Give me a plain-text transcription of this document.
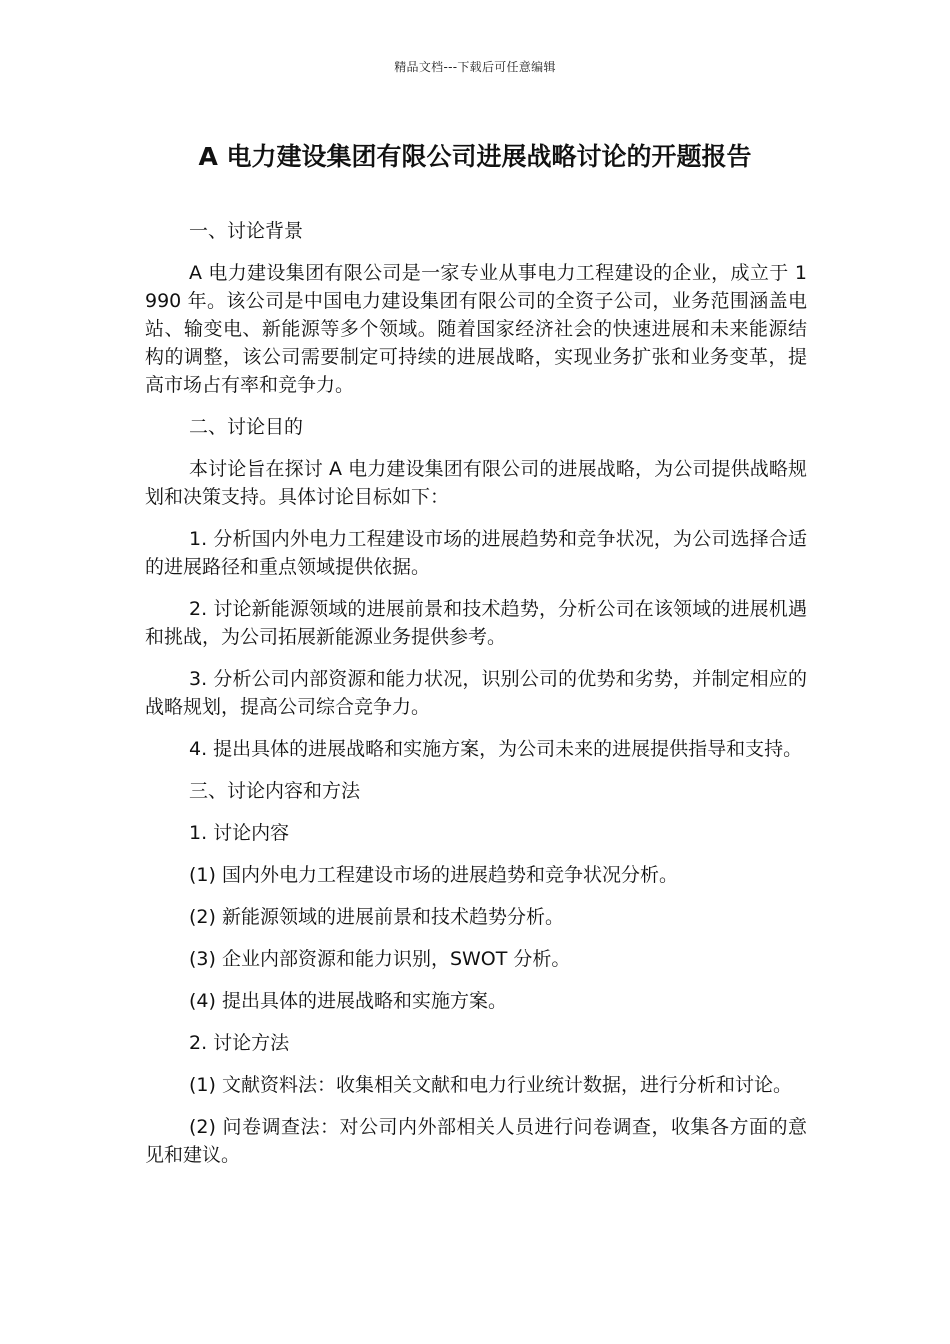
精品文档---下载后可任意编辑
A 电力建设集团有限公司进展战略讨论的开题报告

一、讨论背景

A 电力建设集团有限公司是一家专业从事电力工程建设的企业，成立于 1990 年。该公司是中国电力建设集团有限公司的全资子公司，业务范围涵盖电站、输变电、新能源等多个领域。随着国家经济社会的快速进展和未来能源结构的调整，该公司需要制定可持续的进展战略，实现业务扩张和业务变革，提高市场占有率和竞争力。

二、讨论目的

本讨论旨在探讨 A 电力建设集团有限公司的进展战略，为公司提供战略规划和决策支持。具体讨论目标如下：

1. 分析国内外电力工程建设市场的进展趋势和竞争状况，为公司选择合适的进展路径和重点领域提供依据。

2. 讨论新能源领域的进展前景和技术趋势，分析公司在该领域的进展机遇和挑战，为公司拓展新能源业务提供参考。

3. 分析公司内部资源和能力状况，识别公司的优势和劣势，并制定相应的战略规划，提高公司综合竞争力。

4. 提出具体的进展战略和实施方案，为公司未来的进展提供指导和支持。

三、讨论内容和方法

1. 讨论内容

(1) 国内外电力工程建设市场的进展趋势和竞争状况分析。

(2) 新能源领域的进展前景和技术趋势分析。

(3) 企业内部资源和能力识别，SWOT 分析。

(4) 提出具体的进展战略和实施方案。

2. 讨论方法

(1) 文献资料法：收集相关文献和电力行业统计数据，进行分析和讨论。

(2) 问卷调查法：对公司内外部相关人员进行问卷调查，收集各方面的意见和建议。
